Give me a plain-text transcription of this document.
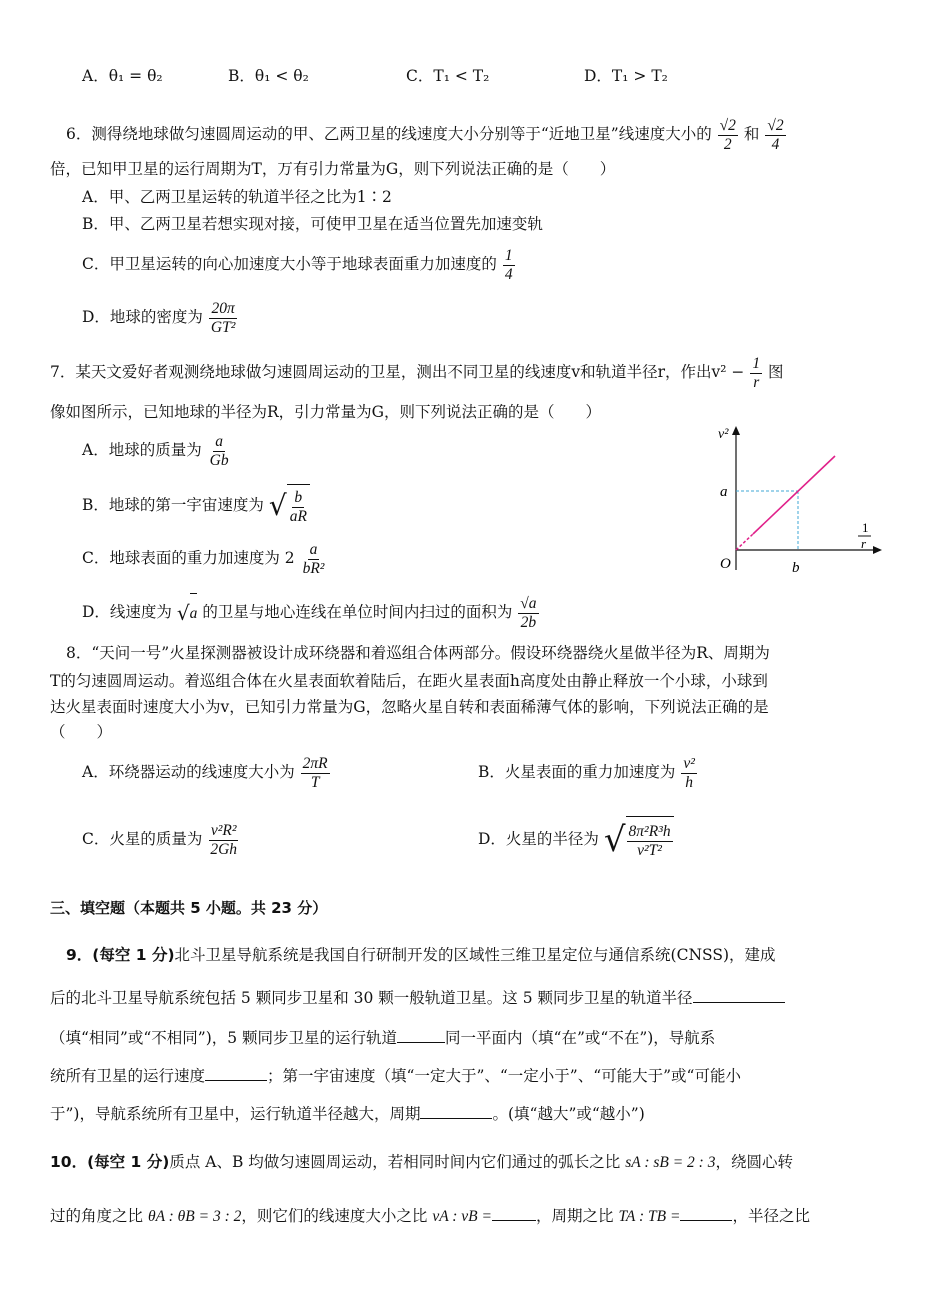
A．θ₁ = θ₂	B．θ₁ < θ₂	C．T₁ < T₂	D．T₁ > T₂
6．测得绕地球做匀速圆周运动的甲、乙两卫星的线速度大小分别等于“近地卫星”线速度大小的 $\frac{√2}{2}$ 和 $\frac{√2}{4}$
倍，已知甲卫星的运行周期为T，万有引力常量为G，则下列说法正确的是（　　）
A．甲、乙两卫星运转的轨道半径之比为1∶2
B．甲、乙两卫星若想实现对接，可使甲卫星在适当位置先加速变轨
C．甲卫星运转的向心加速度大小等于地球表面重力加速度的 $\frac{1}{4}$
D．地球的密度为 $\frac{20\pi}{\text{GT²}}$
7．某天文爱好者观测绕地球做匀速圆周运动的卫星，测出不同卫星的线速度v和轨道半径r，作出$v^2 - \frac{1}{r}$ 图
像如图所示，已知地球的半径为R，引力常量为G，则下列说法正确的是（　　）
A．地球的质量为 $\frac{a}{Gb}$
B．地球的第一宇宙速度为 √ $\frac{b}{aR}$
C．地球表面的重力加速度为 $2 \frac{a}{\text{bR²}}$
D．线速度为 √ a 的卫星与地心连线在单位时间内扫过的面积为 $\frac{√a}{2b}$
v²
a
1
r
O	b
8．“天问一号”火星探测器被设计成环绕器和着巡组合体两部分。假设环绕器绕火星做半径为R、周期为
T的匀速圆周运动。着巡组合体在火星表面软着陆后，在距火星表面h高度处由静止释放一个小球，小球到
达火星表面时速度大小为v，已知引力常量为G，忽略火星自转和表面稀薄气体的影响，下列说法正确的是
（　　）
A．环绕器运动的线速度大小为 $\frac{2\pi R}{T}$	B．火星表面的重力加速度为 $\frac{\text{v²}}{h}$
C．火星的质量为 $\frac{\text{v²R²}}{2Gh}$	D．火星的半径为 √ $\frac{\text{8π²R³h}}{\text{v²T²}}$
三、填空题（本题共 5 小题。共 23 分）
9．(每空 1 分)北斗卫星导航系统是我国自行研制开发的区域性三维卫星定位与通信系统(CNSS)，建成
后的北斗卫星导航系统包括 5 颗同步卫星和 30 颗一般轨道卫星。这 5 颗同步卫星的轨道半径
（填“相同”或“不相同”)，5 颗同步卫星的运行轨道	同一平面内（填“在”或“不在”)，导航系
统所有卫星的运行速度	；第一宇宙速度（填“一定大于”、“一定小于”、“可能大于”或“可能小
于”)，导航系统所有卫星中，运行轨道半径越大，周期	。(填“越大”或“越小”)
10．(每空 1 分)质点 A、B 均做匀速圆周运动，若相同时间内它们通过的弧长之比 sA : sB = 2 : 3，绕圆心转
过的角度之比 θA : θB = 3 : 2，则它们的线速度大小之比 vA : vB =	，周期之比 TA : TB =	，半径之比
